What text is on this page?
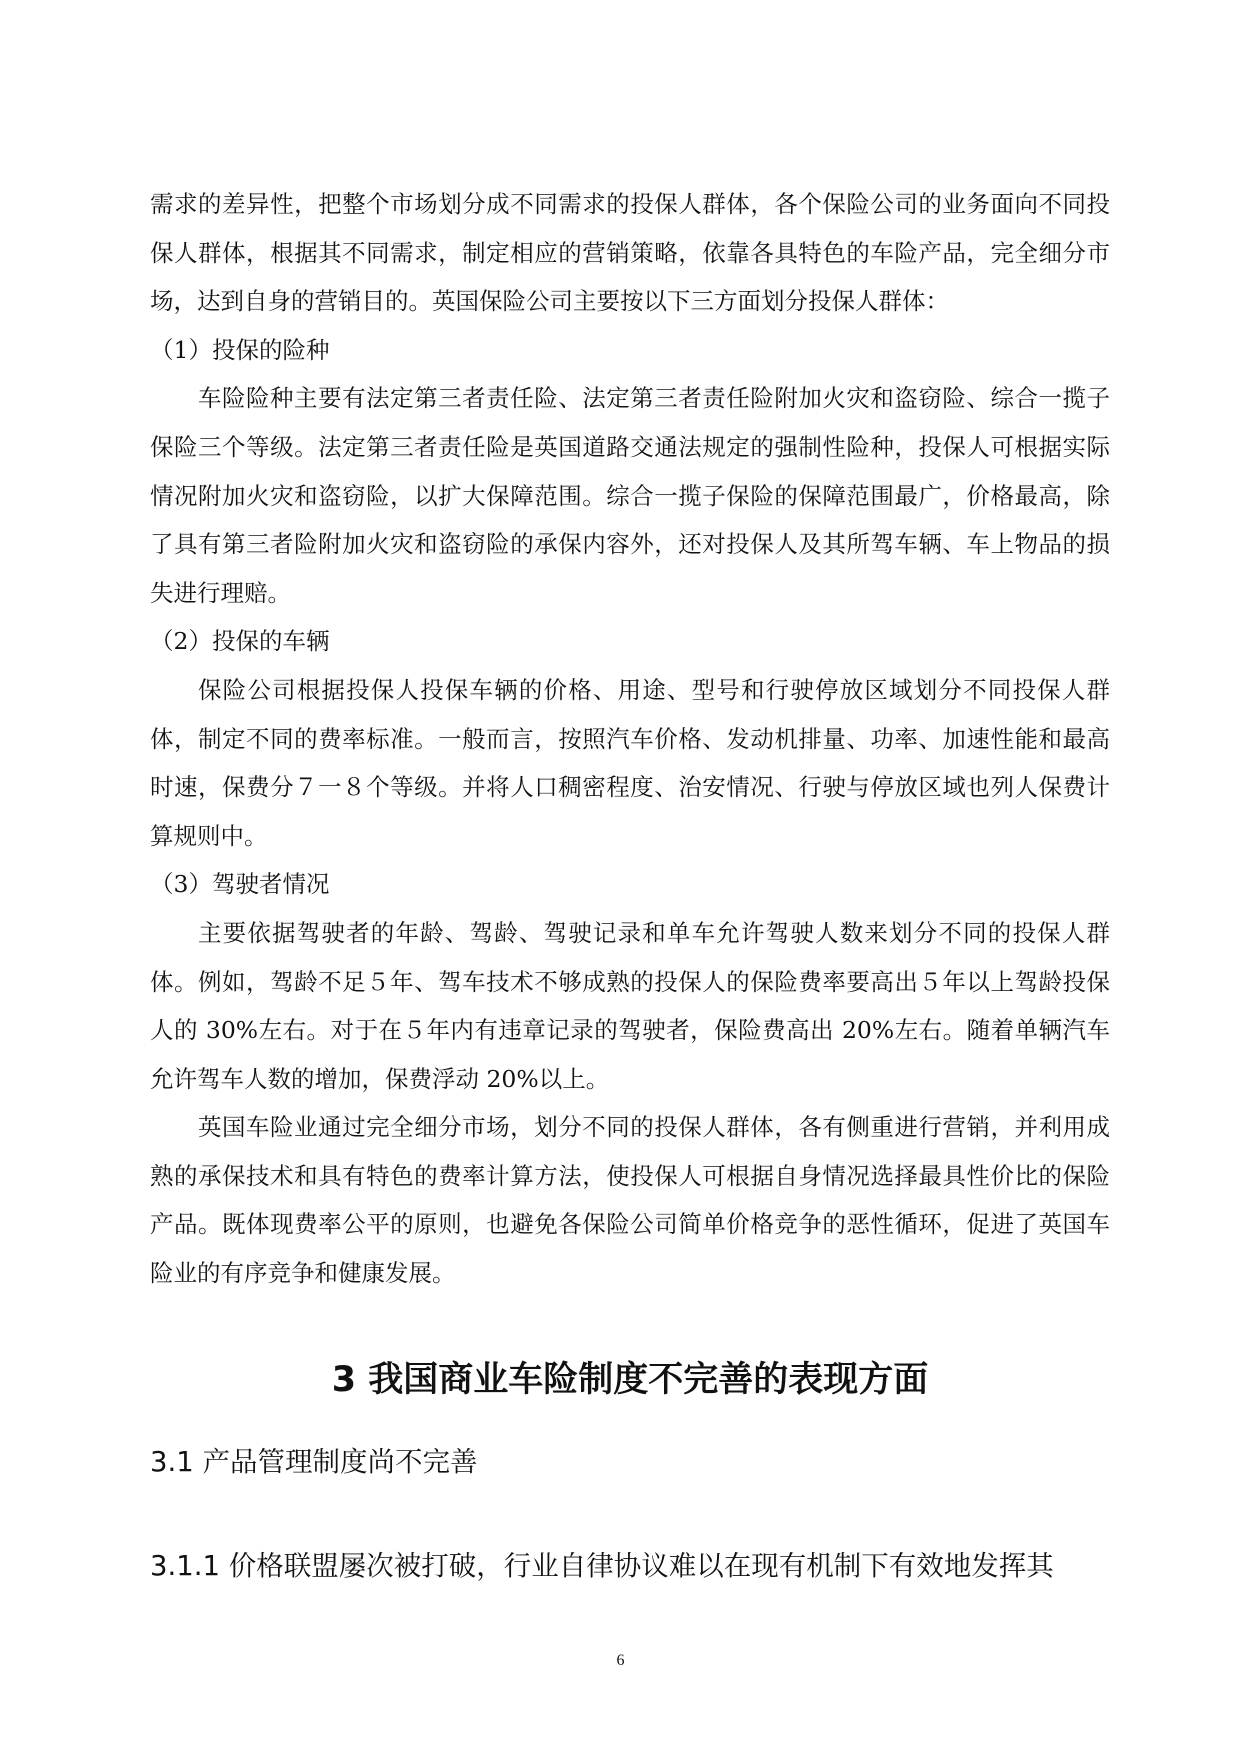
需求的差异性，把整个市场划分成不同需求的投保人群体，各个保险公司的业务面向不同投保人群体，根据其不同需求，制定相应的营销策略，依靠各具特色的车险产品，完全细分市场，达到自身的营销目的。英国保险公司主要按以下三方面划分投保人群体：

（1）投保的险种

车险险种主要有法定第三者责任险、法定第三者责任险附加火灾和盗窃险、综合一揽子保险三个等级。法定第三者责任险是英国道路交通法规定的强制性险种，投保人可根据实际情况附加火灾和盗窃险，以扩大保障范围。综合一揽子保险的保障范围最广，价格最高，除了具有第三者险附加火灾和盗窃险的承保内容外，还对投保人及其所驾车辆、车上物品的损失进行理赔。

（2）投保的车辆

保险公司根据投保人投保车辆的价格、用途、型号和行驶停放区域划分不同投保人群体，制定不同的费率标准。一般而言，按照汽车价格、发动机排量、功率、加速性能和最高时速，保费分７一８个等级。并将人口稠密程度、治安情况、行驶与停放区域也列人保费计算规则中。

（3）驾驶者情况

主要依据驾驶者的年龄、驾龄、驾驶记录和单车允许驾驶人数来划分不同的投保人群体。例如，驾龄不足５年、驾车技术不够成熟的投保人的保险费率要高出５年以上驾龄投保人的 30%左右。对于在５年内有违章记录的驾驶者，保险费高出 20%左右。随着单辆汽车允许驾车人数的增加，保费浮动 20%以上。

英国车险业通过完全细分市场，划分不同的投保人群体，各有侧重进行营销，并利用成熟的承保技术和具有特色的费率计算方法，使投保人可根据自身情况选择最具性价比的保险产品。既体现费率公平的原则，也避免各保险公司简单价格竞争的恶性循环，促进了英国车险业的有序竞争和健康发展。

3 我国商业车险制度不完善的表现方面
3.1 产品管理制度尚不完善
3.1.1 价格联盟屡次被打破，行业自律协议难以在现有机制下有效地发挥其
6
